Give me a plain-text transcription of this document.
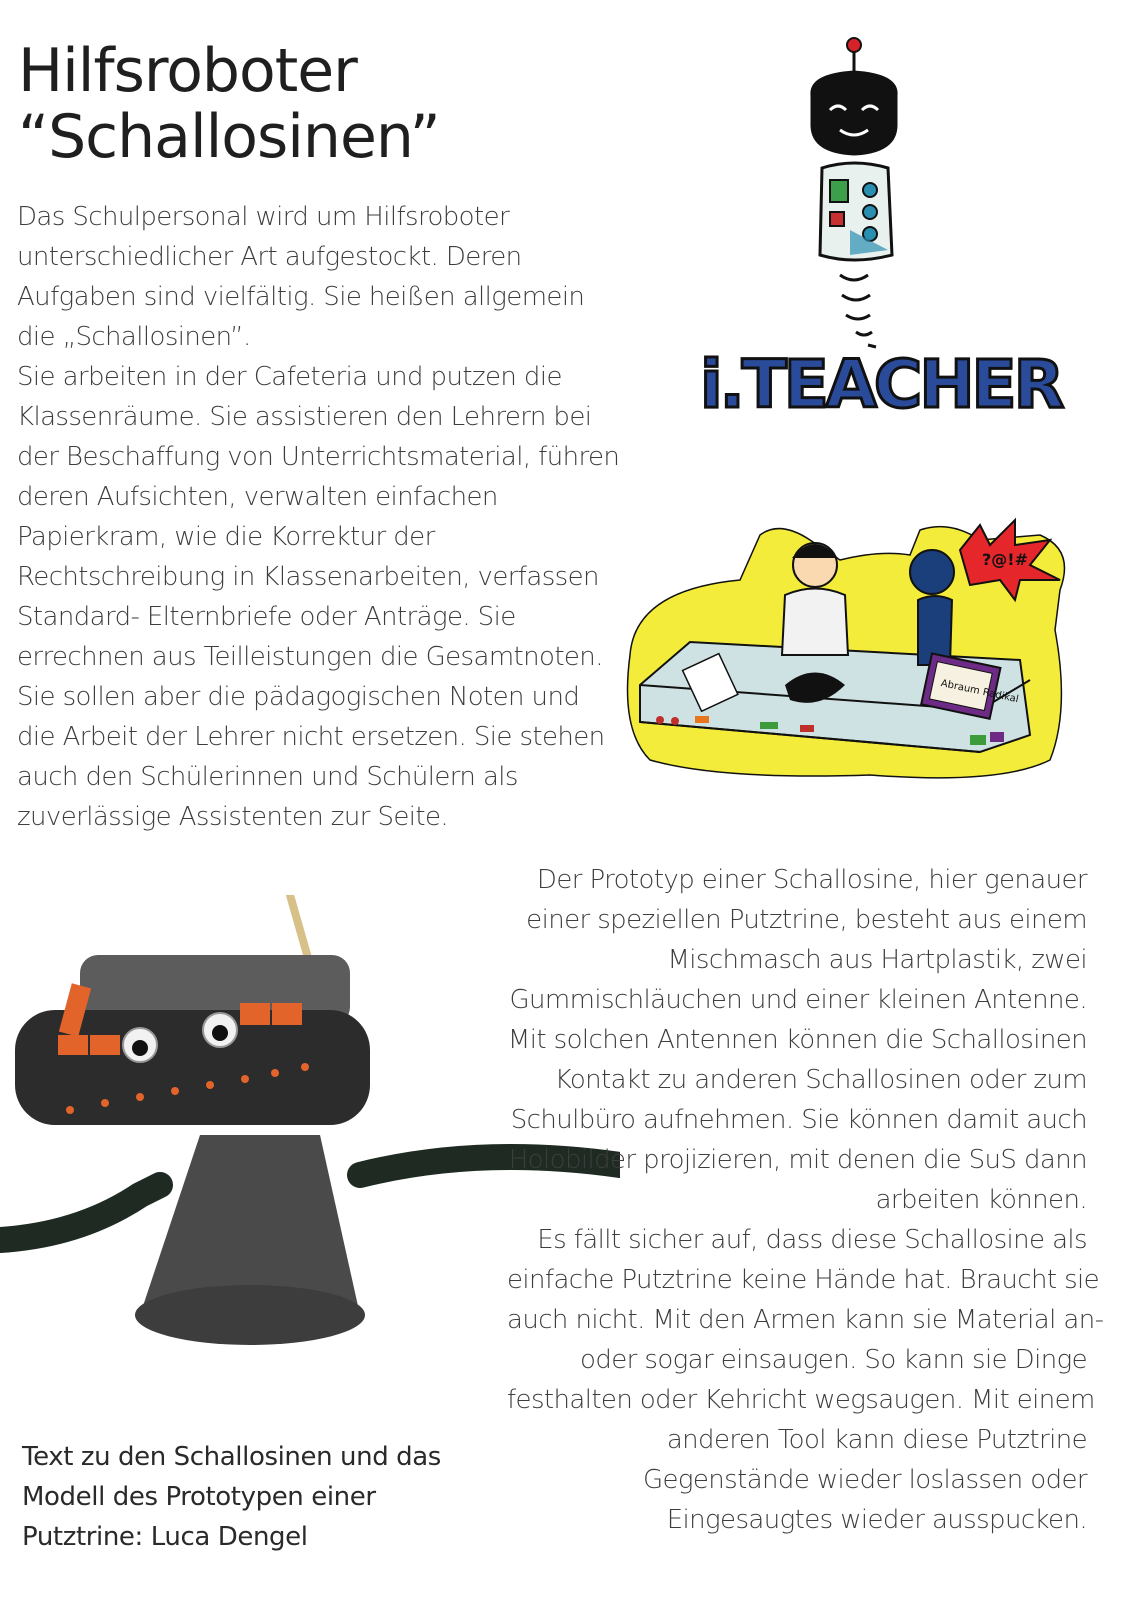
Hilfsroboter
“Schallosinen”
Das Schulpersonal wird um Hilfsroboter
unterschiedlicher Art aufgestockt. Deren
Aufgaben sind vielfältig. Sie heißen allgemein
die „Schallosinen”.
Sie arbeiten in der Cafeteria und putzen die
Klassenräume. Sie assistieren den Lehrern bei
der Beschaffung von Unterrichtsmaterial, führen
deren Aufsichten, verwalten einfachen
Papierkram, wie die Korrektur der
Rechtschreibung in Klassenarbeiten, verfassen
Standard- Elternbriefe oder Anträge. Sie
errechnen aus Teilleistungen die Gesamtnoten.
Sie sollen aber die pädagogischen Noten und
die Arbeit der Lehrer nicht ersetzen. Sie stehen
auch den Schülerinnen und Schülern als
zuverlässige Assistenten zur Seite.
i.TEACHER
?@!#
Abraum Radikal
Der Prototyp einer Schallosine, hier genauer
einer speziellen Putztrine, besteht aus einem
Mischmasch aus Hartplastik, zwei
Gummischläuchen und einer kleinen Antenne.
Mit solchen Antennen können die Schallosinen
Kontakt zu anderen Schallosinen oder zum
Schulbüro aufnehmen. Sie können damit auch
Holobilder projizieren, mit denen die SuS dann
arbeiten können.
Es fällt sicher auf, dass diese Schallosine als
einfache Putztrine keine Hände hat. Braucht sie
auch nicht. Mit den Armen kann sie Material an-
oder sogar einsaugen. So kann sie Dinge
festhalten oder Kehricht wegsaugen. Mit einem
anderen Tool kann diese Putztrine
Gegenstände wieder loslassen oder
Eingesaugtes wieder ausspucken.
Text zu den Schallosinen und das
Modell des Prototypen einer
Putztrine: Luca Dengel
